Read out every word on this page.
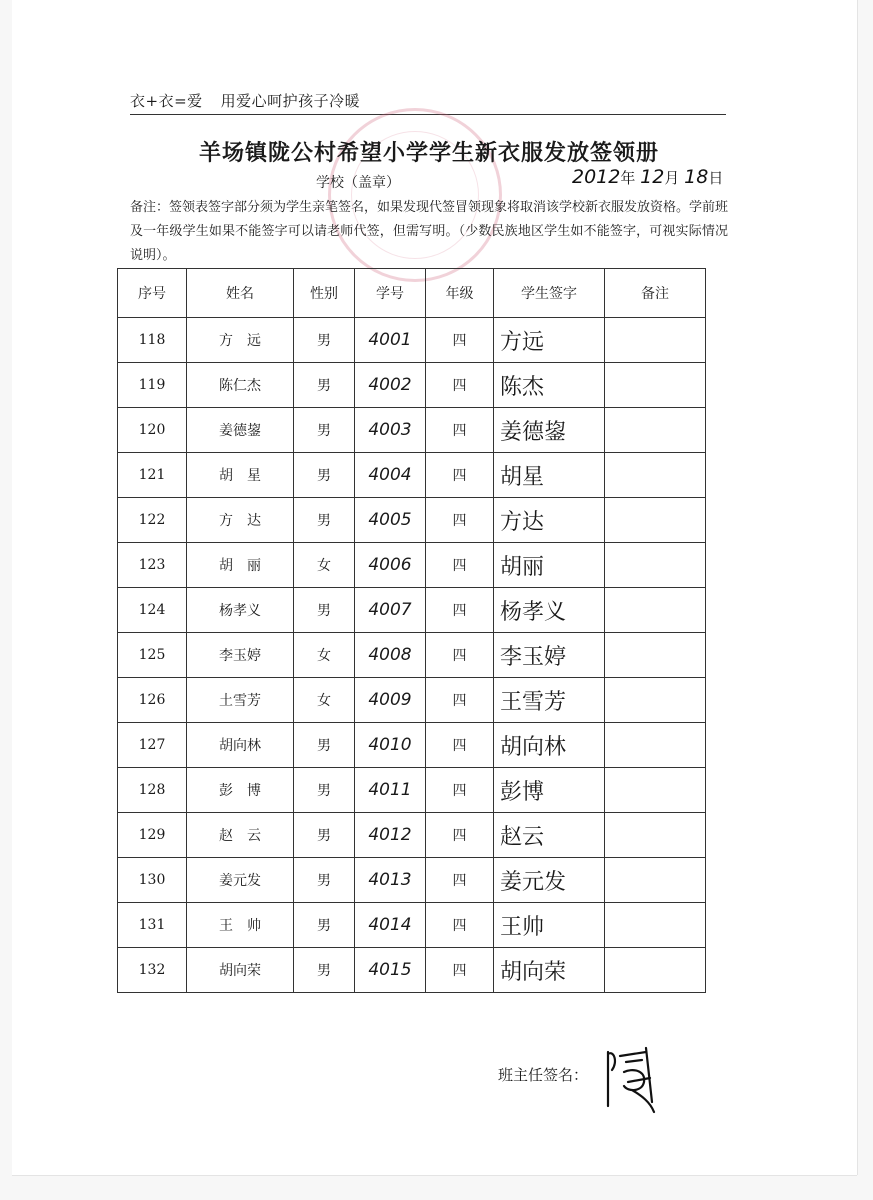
衣+衣=爱 用爱心呵护孩子冷暖
羊场镇陇公村希望小学学生新衣服发放签领册
学校（盖章）	2012年 12月 18日
备注：签领表签字部分须为学生亲笔签名，如果发现代签冒领现象将取消该学校新衣服发放资格。学前班及一年级学生如果不能签字可以请老师代签，但需写明。（少数民族地区学生如不能签字，可视实际情况说明）。
班主任签名：
序号	姓名	性别	学号	年级	学生签字	备注
118	方　远	男	4001	四	方远	
119	陈仁杰	男	4002	四	陈杰	
120	姜德鋆	男	4003	四	姜德鋆	
121	胡　星	男	4004	四	胡星	
122	方　达	男	4005	四	方达	
123	胡　丽	女	4006	四	胡丽	
124	杨孝义	男	4007	四	杨孝义	
125	李玉婷	女	4008	四	李玉婷	
126	土雪芳	女	4009	四	王雪芳	
127	胡向林	男	4010	四	胡向林	
128	彭　博	男	4011	四	彭博	
129	赵　云	男	4012	四	赵云	
130	姜元发	男	4013	四	姜元发	
131	王　帅	男	4014	四	王帅	
132	胡向荣	男	4015	四	胡向荣	
